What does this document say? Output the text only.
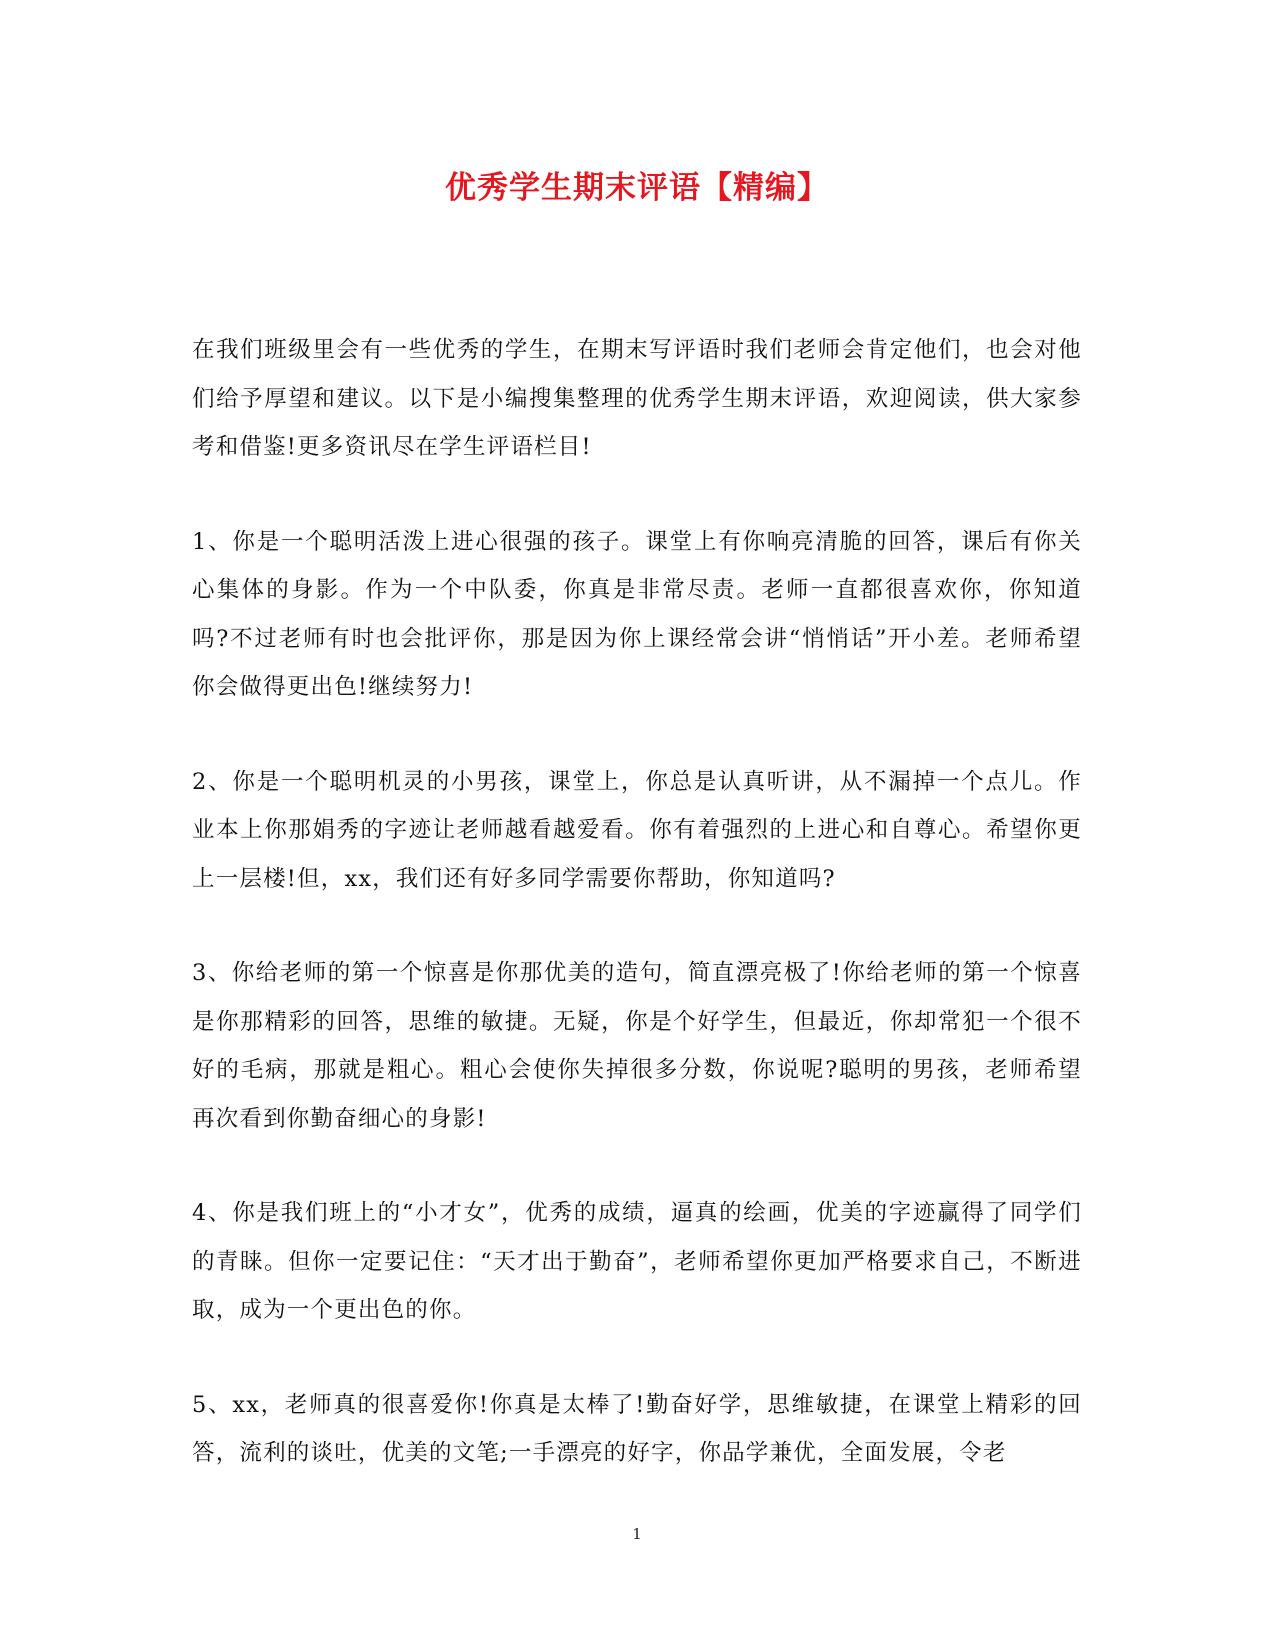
优秀学生期末评语【精编】

在我们班级里会有一些优秀的学生，在期末写评语时我们老师会肯定他们，也会对他们给予厚望和建议。以下是小编搜集整理的优秀学生期末评语，欢迎阅读，供大家参考和借鉴!更多资讯尽在学生评语栏目!

1、你是一个聪明活泼上进心很强的孩子。课堂上有你响亮清脆的回答，课后有你关心集体的身影。作为一个中队委，你真是非常尽责。老师一直都很喜欢你，你知道吗?不过老师有时也会批评你，那是因为你上课经常会讲“悄悄话”开小差。老师希望你会做得更出色!继续努力!

2、你是一个聪明机灵的小男孩，课堂上，你总是认真听讲，从不漏掉一个点儿。作业本上你那娟秀的字迹让老师越看越爱看。你有着强烈的上进心和自尊心。希望你更上一层楼!但，xx，我们还有好多同学需要你帮助，你知道吗?

3、你给老师的第一个惊喜是你那优美的造句，简直漂亮极了!你给老师的第一个惊喜是你那精彩的回答，思维的敏捷。无疑，你是个好学生，但最近，你却常犯一个很不好的毛病，那就是粗心。粗心会使你失掉很多分数，你说呢?聪明的男孩，老师希望再次看到你勤奋细心的身影!

4、你是我们班上的“小才女”，优秀的成绩，逼真的绘画，优美的字迹赢得了同学们的青睐。但你一定要记住：“天才出于勤奋”，老师希望你更加严格要求自己，不断进取，成为一个更出色的你。

5、xx，老师真的很喜爱你!你真是太棒了!勤奋好学，思维敏捷，在课堂上精彩的回答，流利的谈吐，优美的文笔;一手漂亮的好字，你品学兼优，全面发展，令老

1
